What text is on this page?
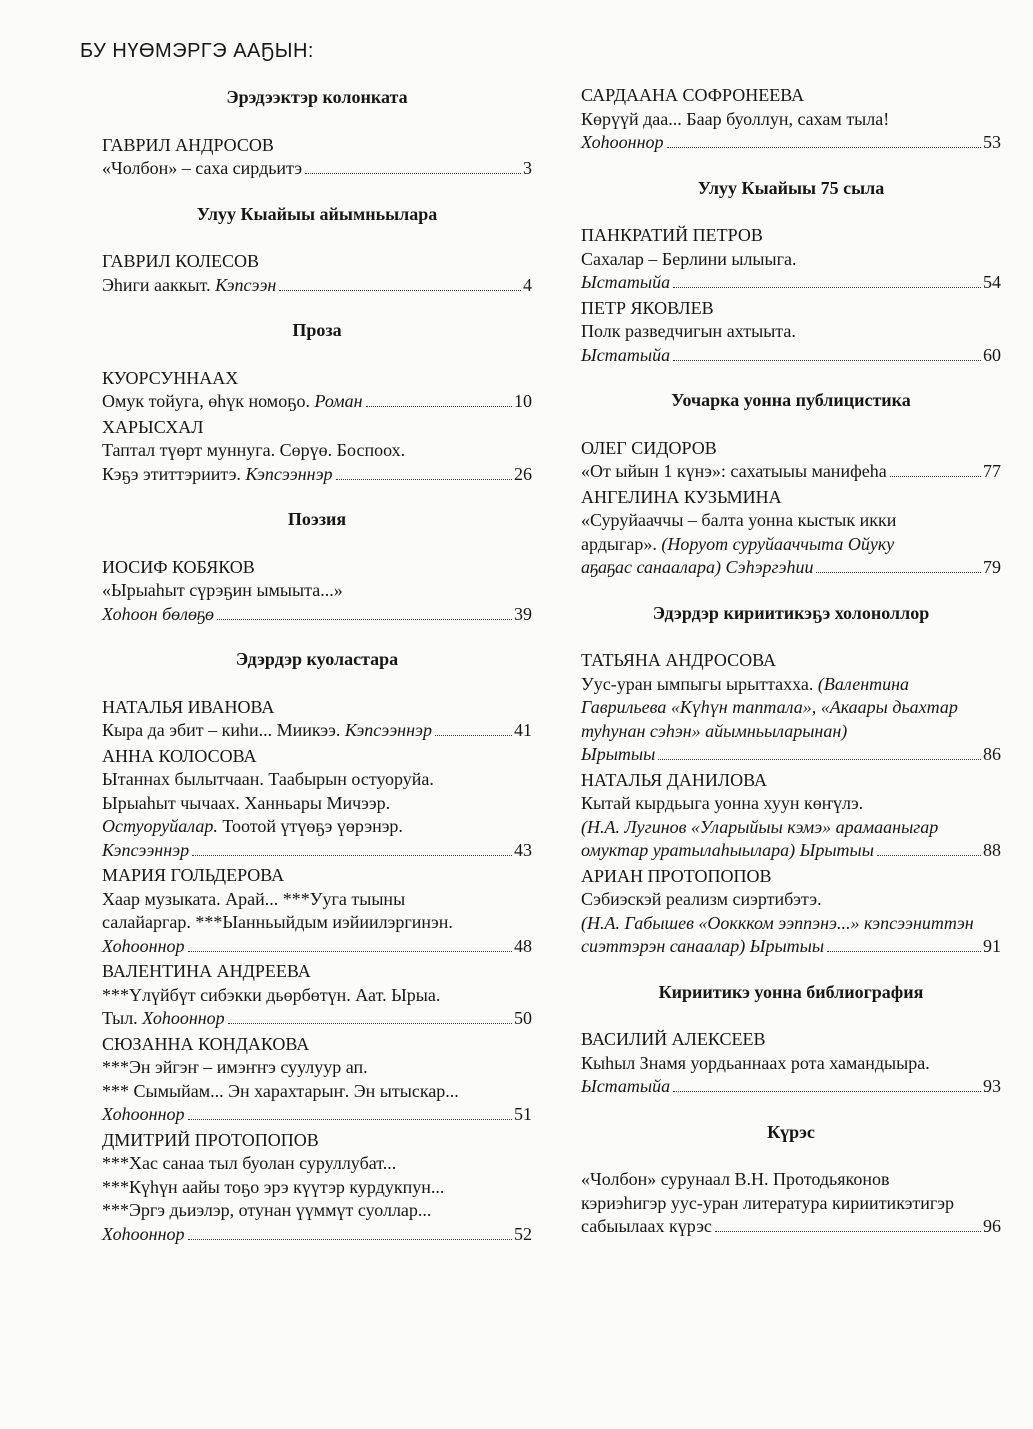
БУ НҮӨМЭРГЭ ААҔЫН:
Эрэдээктэр колонката
ГАВРИЛ АНДРОСОВ
«Чолбон» – саха сирдьитэ	3
Улуу Кыайыы айымньылара
ГАВРИЛ КОЛЕСОВ
Эһиги ааккыт. Кэпсээн	4
Проза
КУОРСУННААХ
Омук тойуга, өһүк номоҕо. Роман	10
ХАРЫСХАЛ
Таптал түөрт муннуга. Сөрүө. Боспоох.
Кэҕэ этиттэриитэ. Кэпсээннэр	26
Поэзия
ИОСИФ КОБЯКОВ
«Ырыаһыт сүрэҕин ымыыта...»
Хоһоон бөлөҕө	39
Эдэрдэр куоластара
НАТАЛЬЯ ИВАНОВА
Кыра да эбит – киһи... Миикээ. Кэпсээннэр	41
АННА КОЛОСОВА
Ытаннах былытчаан. Таабырын остуоруйа.
Ырыаһыт чычаах. Ханньары Мичээр.
Остуоруйалар. Тоотой үтүөҕэ үөрэнэр.
Кэпсээннэр	43
МАРИЯ ГОЛЬДЕРОВА
Хаар музыката. Арай... ***Ууга тыыны
салайаргар. ***Ыанньыйдым иэйиилэргинэн.
Хоһооннор	48
ВАЛЕНТИНА АНДРЕЕВА
***Үлүйбүт сибэкки дьөрбөтүн. Аат. Ырыа.
Тыл. Хоһооннор	50
СЮЗАННА КОНДАКОВА
***Эн эйгэҥ – имэҥҥэ суулуур ап.
*** Сымыйам... Эн харахтарыҥ. Эн ытыскар...
Хоһооннор	51
ДМИТРИЙ ПРОТОПОПОВ
***Хас санаа тыл буолан суруллубат...
***Күһүн аайы тоҕо эрэ күүтэр курдукпун...
***Эргэ дьиэлэр, отунан үүммүт суоллар...
Хоһооннор	52
САРДААНА СОФРОНЕЕВА
Көрүүй даа... Баар буоллун, сахам тыла!
Хоһооннор	53
Улуу Кыайыы 75 сыла
ПАНКРАТИЙ ПЕТРОВ
Сахалар – Берлини ылыыга.
Ыстатыйа	54
ПЕТР ЯКОВЛЕВ
Полк разведчигын ахтыыта.
Ыстатыйа	60
Уочарка уонна публицистика
ОЛЕГ СИДОРОВ
«От ыйын 1 күнэ»: сахатыыы манифеһа	77
АНГЕЛИНА КУЗЬМИНА
«Суруйааччы – балта уонна кыстык икки
ардыгар». (Норуот суруйааччыта Ойуку
аҕаҕас санаалара) Сэһэргэһии	79
Эдэрдэр кириитикэҕэ холоноллор
ТАТЬЯНА АНДРОСОВА
Уус-уран ымпыгы ырыттахха. (Валентина
Гаврильева «Күһүн таптала», «Акаары дьахтар
туһунан сэһэн» айымньыларынан)
Ырытыы	86
НАТАЛЬЯ ДАНИЛОВА
Кытай кырдьыга уонна хуун көҥүлэ.
(Н.А. Лугинов «Уларыйыы кэмэ» арамааныгар
омуктар уратылаһыылара) Ырытыы	88
АРИАН ПРОТОПОПОВ
Сэбиэскэй реализм сиэртибэтэ.
(Н.А. Габышев «Ооккком ээппэнэ...» кэпсээниттэн
сиэттэрэн санаалар) Ырытыы	91
Кириитикэ уонна библиография
ВАСИЛИЙ АЛЕКСЕЕВ
Кыһыл Знамя уордьаннаах рота хамандыыра.
Ыстатыйа	93
Күрэс
«Чолбон» сурунаал В.Н. Протодьяконов
кэриэһигэр уус-уран литература кириитикэтигэр
сабыылаах күрэс	96
